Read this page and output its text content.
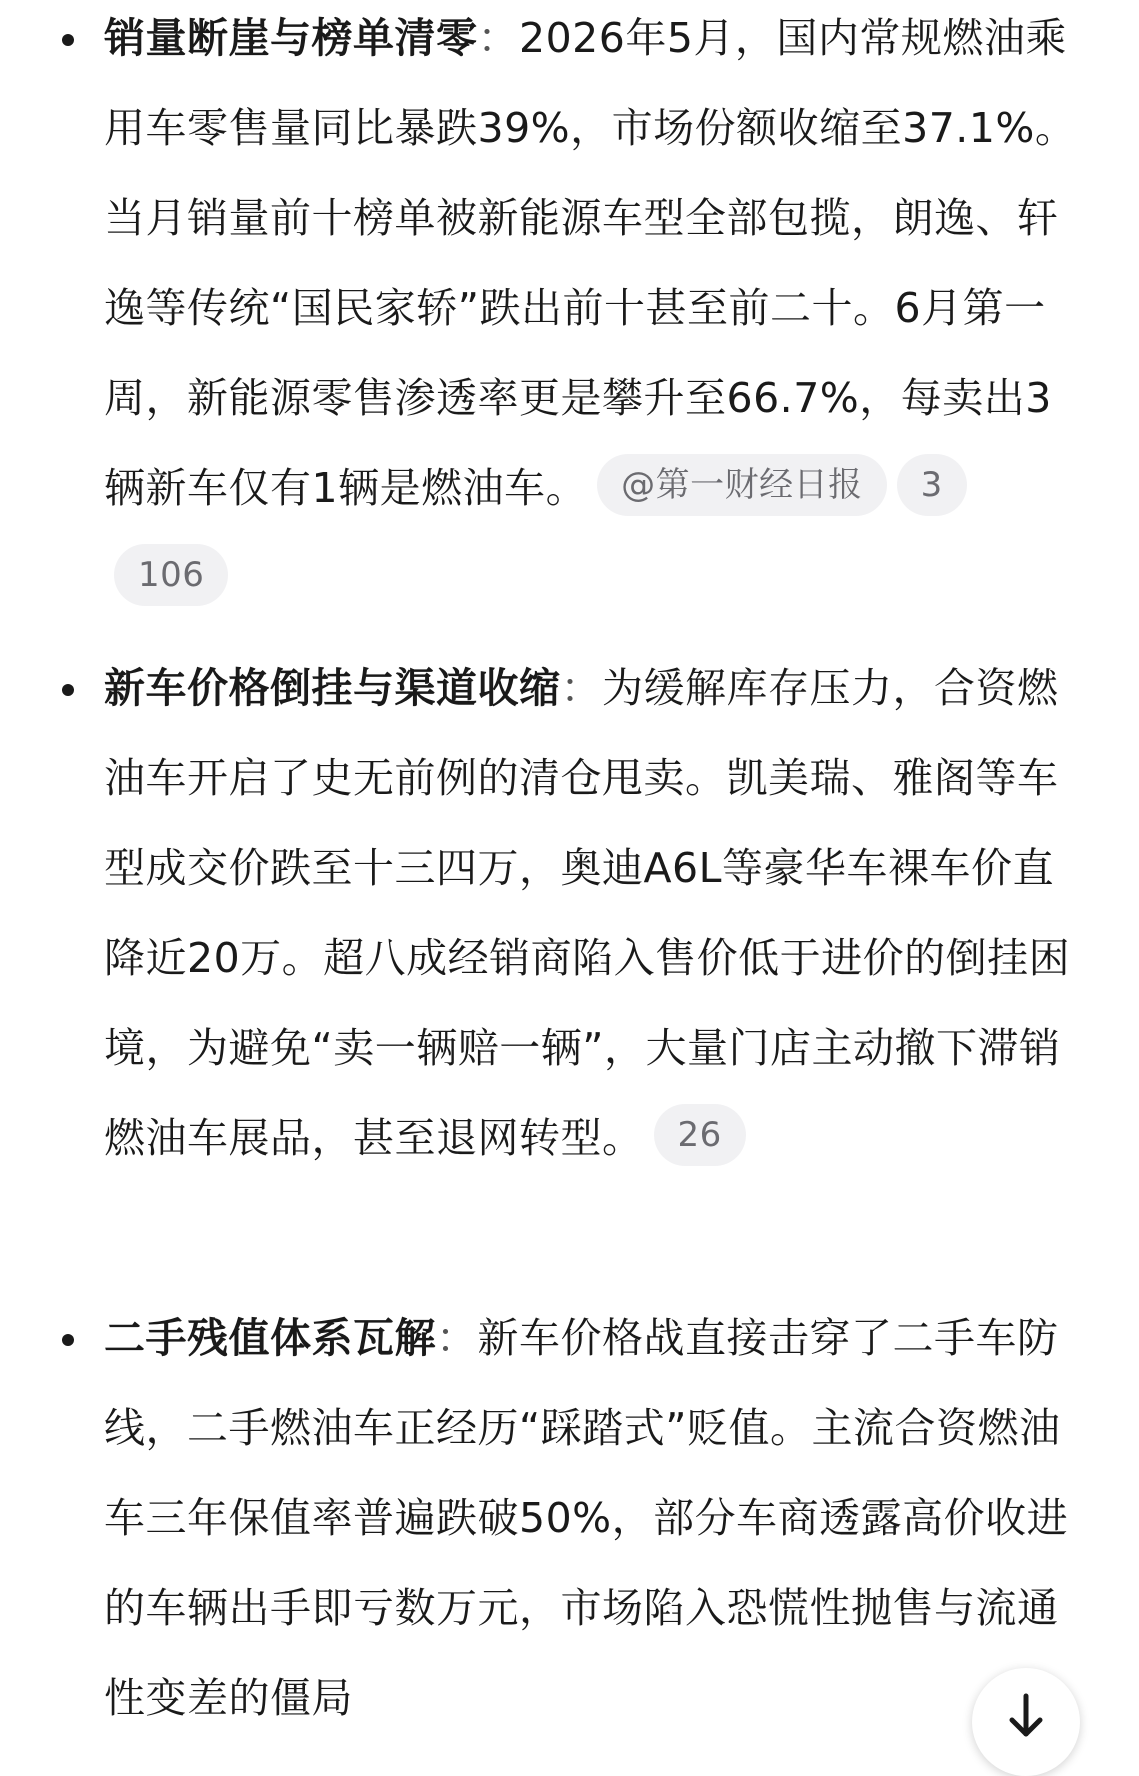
销量断崖与榜单清零：2026年5月，国内常规燃油乘用车零售量同比暴跌39%，市场份额收缩至37.1%。当月销量前十榜单被新能源车型全部包揽，朗逸、轩逸等传统“国民家轿”跌出前十甚至前二十。6月第一周，新能源零售渗透率更是攀升至66.7%，每卖出3辆新车仅有1辆是燃油车。 @第一财经日报 3106

新车价格倒挂与渠道收缩：为缓解库存压力，合资燃油车开启了史无前例的清仓甩卖。凯美瑞、雅阁等车型成交价跌至十三四万，奥迪A6L等豪华车裸车价直降近20万。超八成经销商陷入售价低于进价的倒挂困境，为避免“卖一辆赔一辆”，大量门店主动撤下滞销燃油车展品，甚至退网转型。 26

二手残值体系瓦解：新车价格战直接击穿了二手车防线，二手燃油车正经历“踩踏式”贬值。主流合资燃油车三年保值率普遍跌破50%，部分车商透露高价收进的车辆出手即亏数万元，市场陷入恐慌性抛售与流通性变差的僵局
